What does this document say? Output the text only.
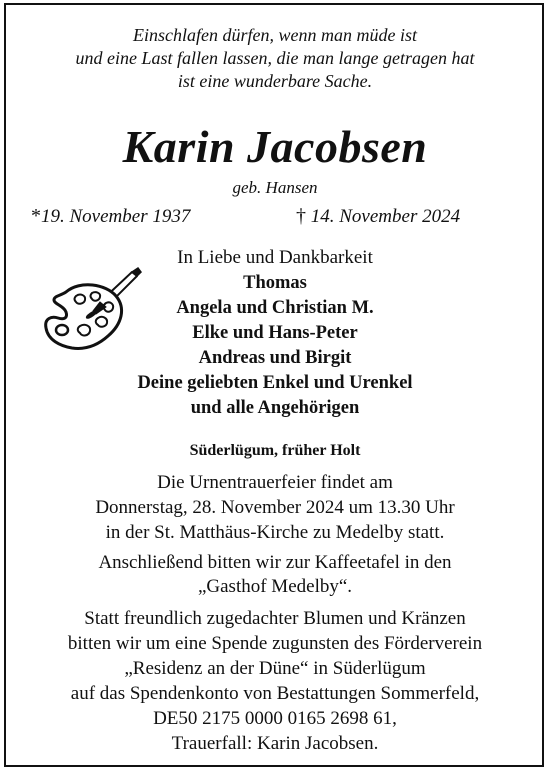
Einschlafen dürfen, wenn man müde ist
und eine Last fallen lassen, die man lange getragen hat
ist eine wunderbare Sache.
Karin Jacobsen
geb. Hansen
*19. November 1937	† 14. November 2024
In Liebe und Dankbarkeit
Thomas
Angela und Christian M.
Elke und Hans-Peter
Andreas und Birgit
Deine geliebten Enkel und Urenkel
und alle Angehörigen
Süderlügum, früher Holt
Die Urnentrauerfeier findet am
Donnerstag, 28. November 2024 um 13.30 Uhr
in der St. Matthäus-Kirche zu Medelby statt.
Anschließend bitten wir zur Kaffeetafel in den
„Gasthof Medelby“.
Statt freundlich zugedachter Blumen und Kränzen
bitten wir um eine Spende zugunsten des Förderverein
„Residenz an der Düne“ in Süderlügum
auf das Spendenkonto von Bestattungen Sommerfeld,
DE50 2175 0000 0165 2698 61,
Trauerfall: Karin Jacobsen.
